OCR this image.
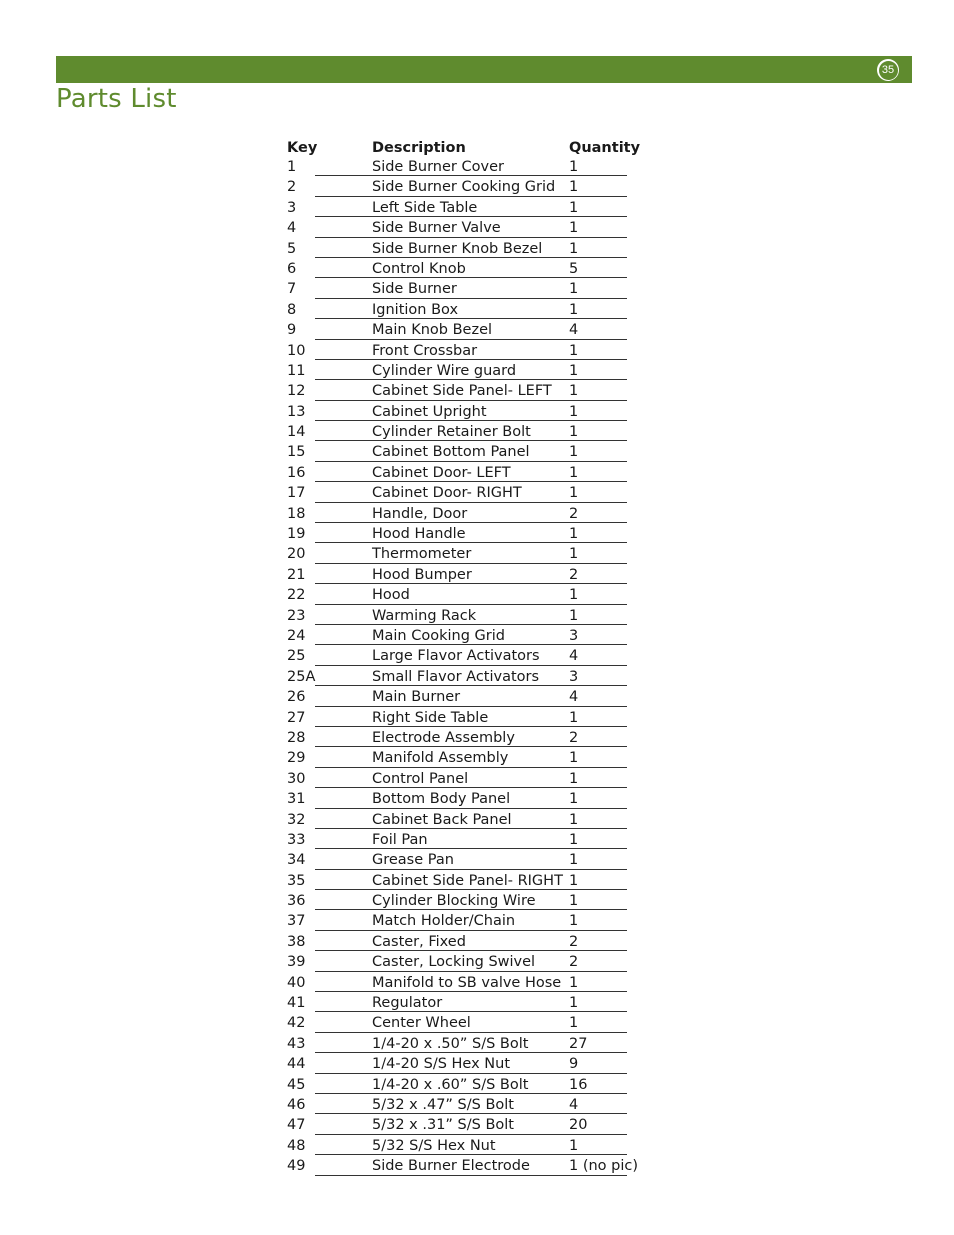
35
Parts List
Key	Description	Quantity
1	Side Burner Cover	1
2	Side Burner Cooking Grid 1
3	Left Side Table	1
4	Side Burner Valve	1
5	Side Burner Knob Bezel 1
6	Control Knob	5
7	Side Burner	1
8	Ignition Box	1
9	Main Knob Bezel	4
10	Front Crossbar	1
11	Cylinder Wire guard	1
12	Cabinet Side Panel- LEFT 1
13	Cabinet Upright	1
14	Cylinder Retainer Bolt	1
15	Cabinet Bottom Panel	1
16	Cabinet Door- LEFT	1
17	Cabinet Door- RIGHT	1
18	Handle, Door	2
19	Hood Handle	1
20	Thermometer	1
21	Hood Bumper	2
22	Hood	1
23	Warming Rack	1
24	Main Cooking Grid	3
25	Large Flavor Activators 4
25A	Small Flavor Activators 3
26	Main Burner	4
27	Right Side Table	1
28	Electrode Assembly	2
29	Manifold Assembly	1
30	Control Panel	1
31	Bottom Body Panel	1
32	Cabinet Back Panel	1
33	Foil Pan	1
34	Grease Pan	1
35	Cabinet Side Panel- RIGHT 1
36	Cylinder Blocking Wire 1
37	Match Holder/Chain	1
38	Caster, Fixed	2
39	Caster, Locking Swivel 2
40	Manifold to SB valve Hose 1
41	Regulator	1
42	Center Wheel	1
43	1/4-20 x .50” S/S Bolt	27
44	1/4-20 S/S Hex Nut	9
45	1/4-20 x .60” S/S Bolt	16
46	5/32 x .47” S/S Bolt	4
47	5/32 x .31” S/S Bolt	20
48	5/32 S/S Hex Nut	1
49	Side Burner Electrode	1 (no pic)
